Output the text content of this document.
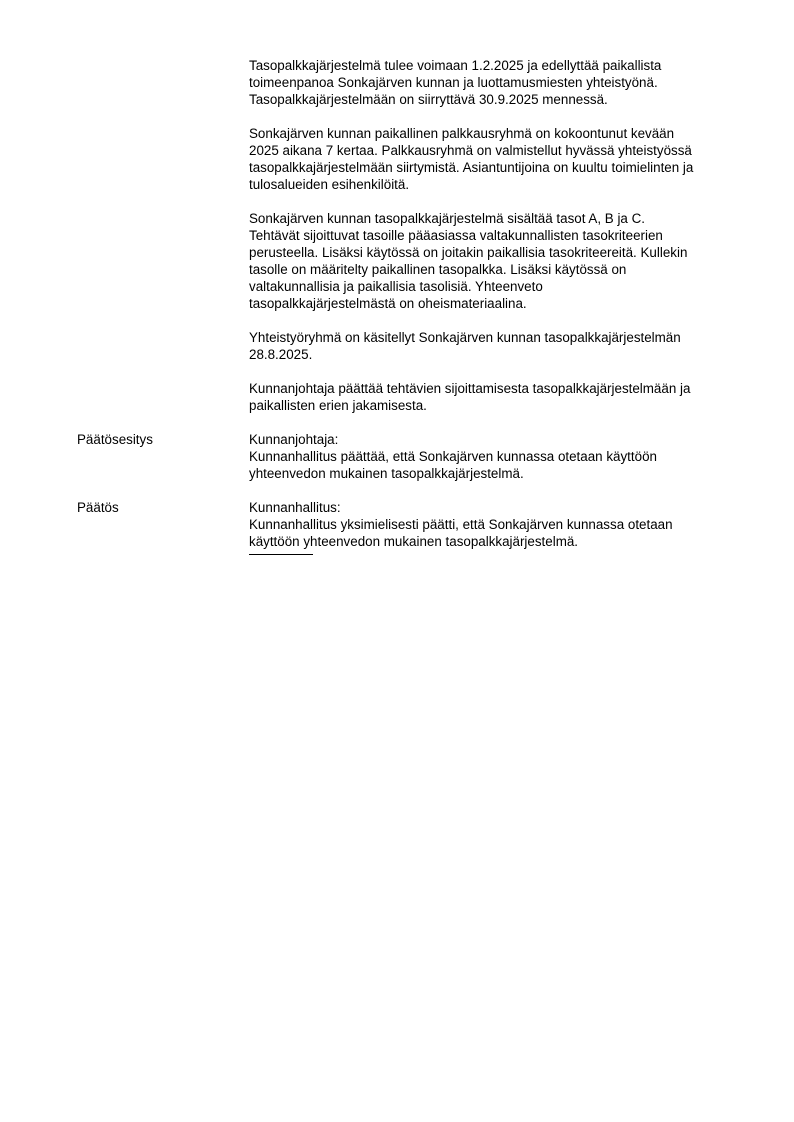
Tasopalkkajärjestelmä tulee voimaan 1.2.2025 ja edellyttää paikallista
toimeenpanoa Sonkajärven kunnan ja luottamusmiesten yhteistyönä.
Tasopalkkajärjestelmään on siirryttävä 30.9.2025 mennessä.

Sonkajärven kunnan paikallinen palkkausryhmä on kokoontunut kevään
2025 aikana 7 kertaa. Palkkausryhmä on valmistellut hyvässä yhteistyössä
tasopalkkajärjestelmään siirtymistä. Asiantuntijoina on kuultu toimielinten ja
tulosalueiden esihenkilöitä.

Sonkajärven kunnan tasopalkkajärjestelmä sisältää tasot A, B ja C.
Tehtävät sijoittuvat tasoille pääasiassa valtakunnallisten tasokriteerien
perusteella. Lisäksi käytössä on joitakin paikallisia tasokriteereitä. Kullekin
tasolle on määritelty paikallinen tasopalkka. Lisäksi käytössä on
valtakunnallisia ja paikallisia tasolisiä. Yhteenveto
tasopalkkajärjestelmästä on oheismateriaalina.

Yhteistyöryhmä on käsitellyt Sonkajärven kunnan tasopalkkajärjestelmän
28.8.2025.

Kunnanjohtaja päättää tehtävien sijoittamisesta tasopalkkajärjestelmään ja
paikallisten erien jakamisesta.

Päätösesitys	Kunnanjohtaja:
Kunnanhallitus päättää, että Sonkajärven kunnassa otetaan käyttöön
yhteenvedon mukainen tasopalkkajärjestelmä.
Päätös	Kunnanhallitus:
Kunnanhallitus yksimielisesti päätti, että Sonkajärven kunnassa otetaan
käyttöön yhteenvedon mukainen tasopalkkajärjestelmä.
